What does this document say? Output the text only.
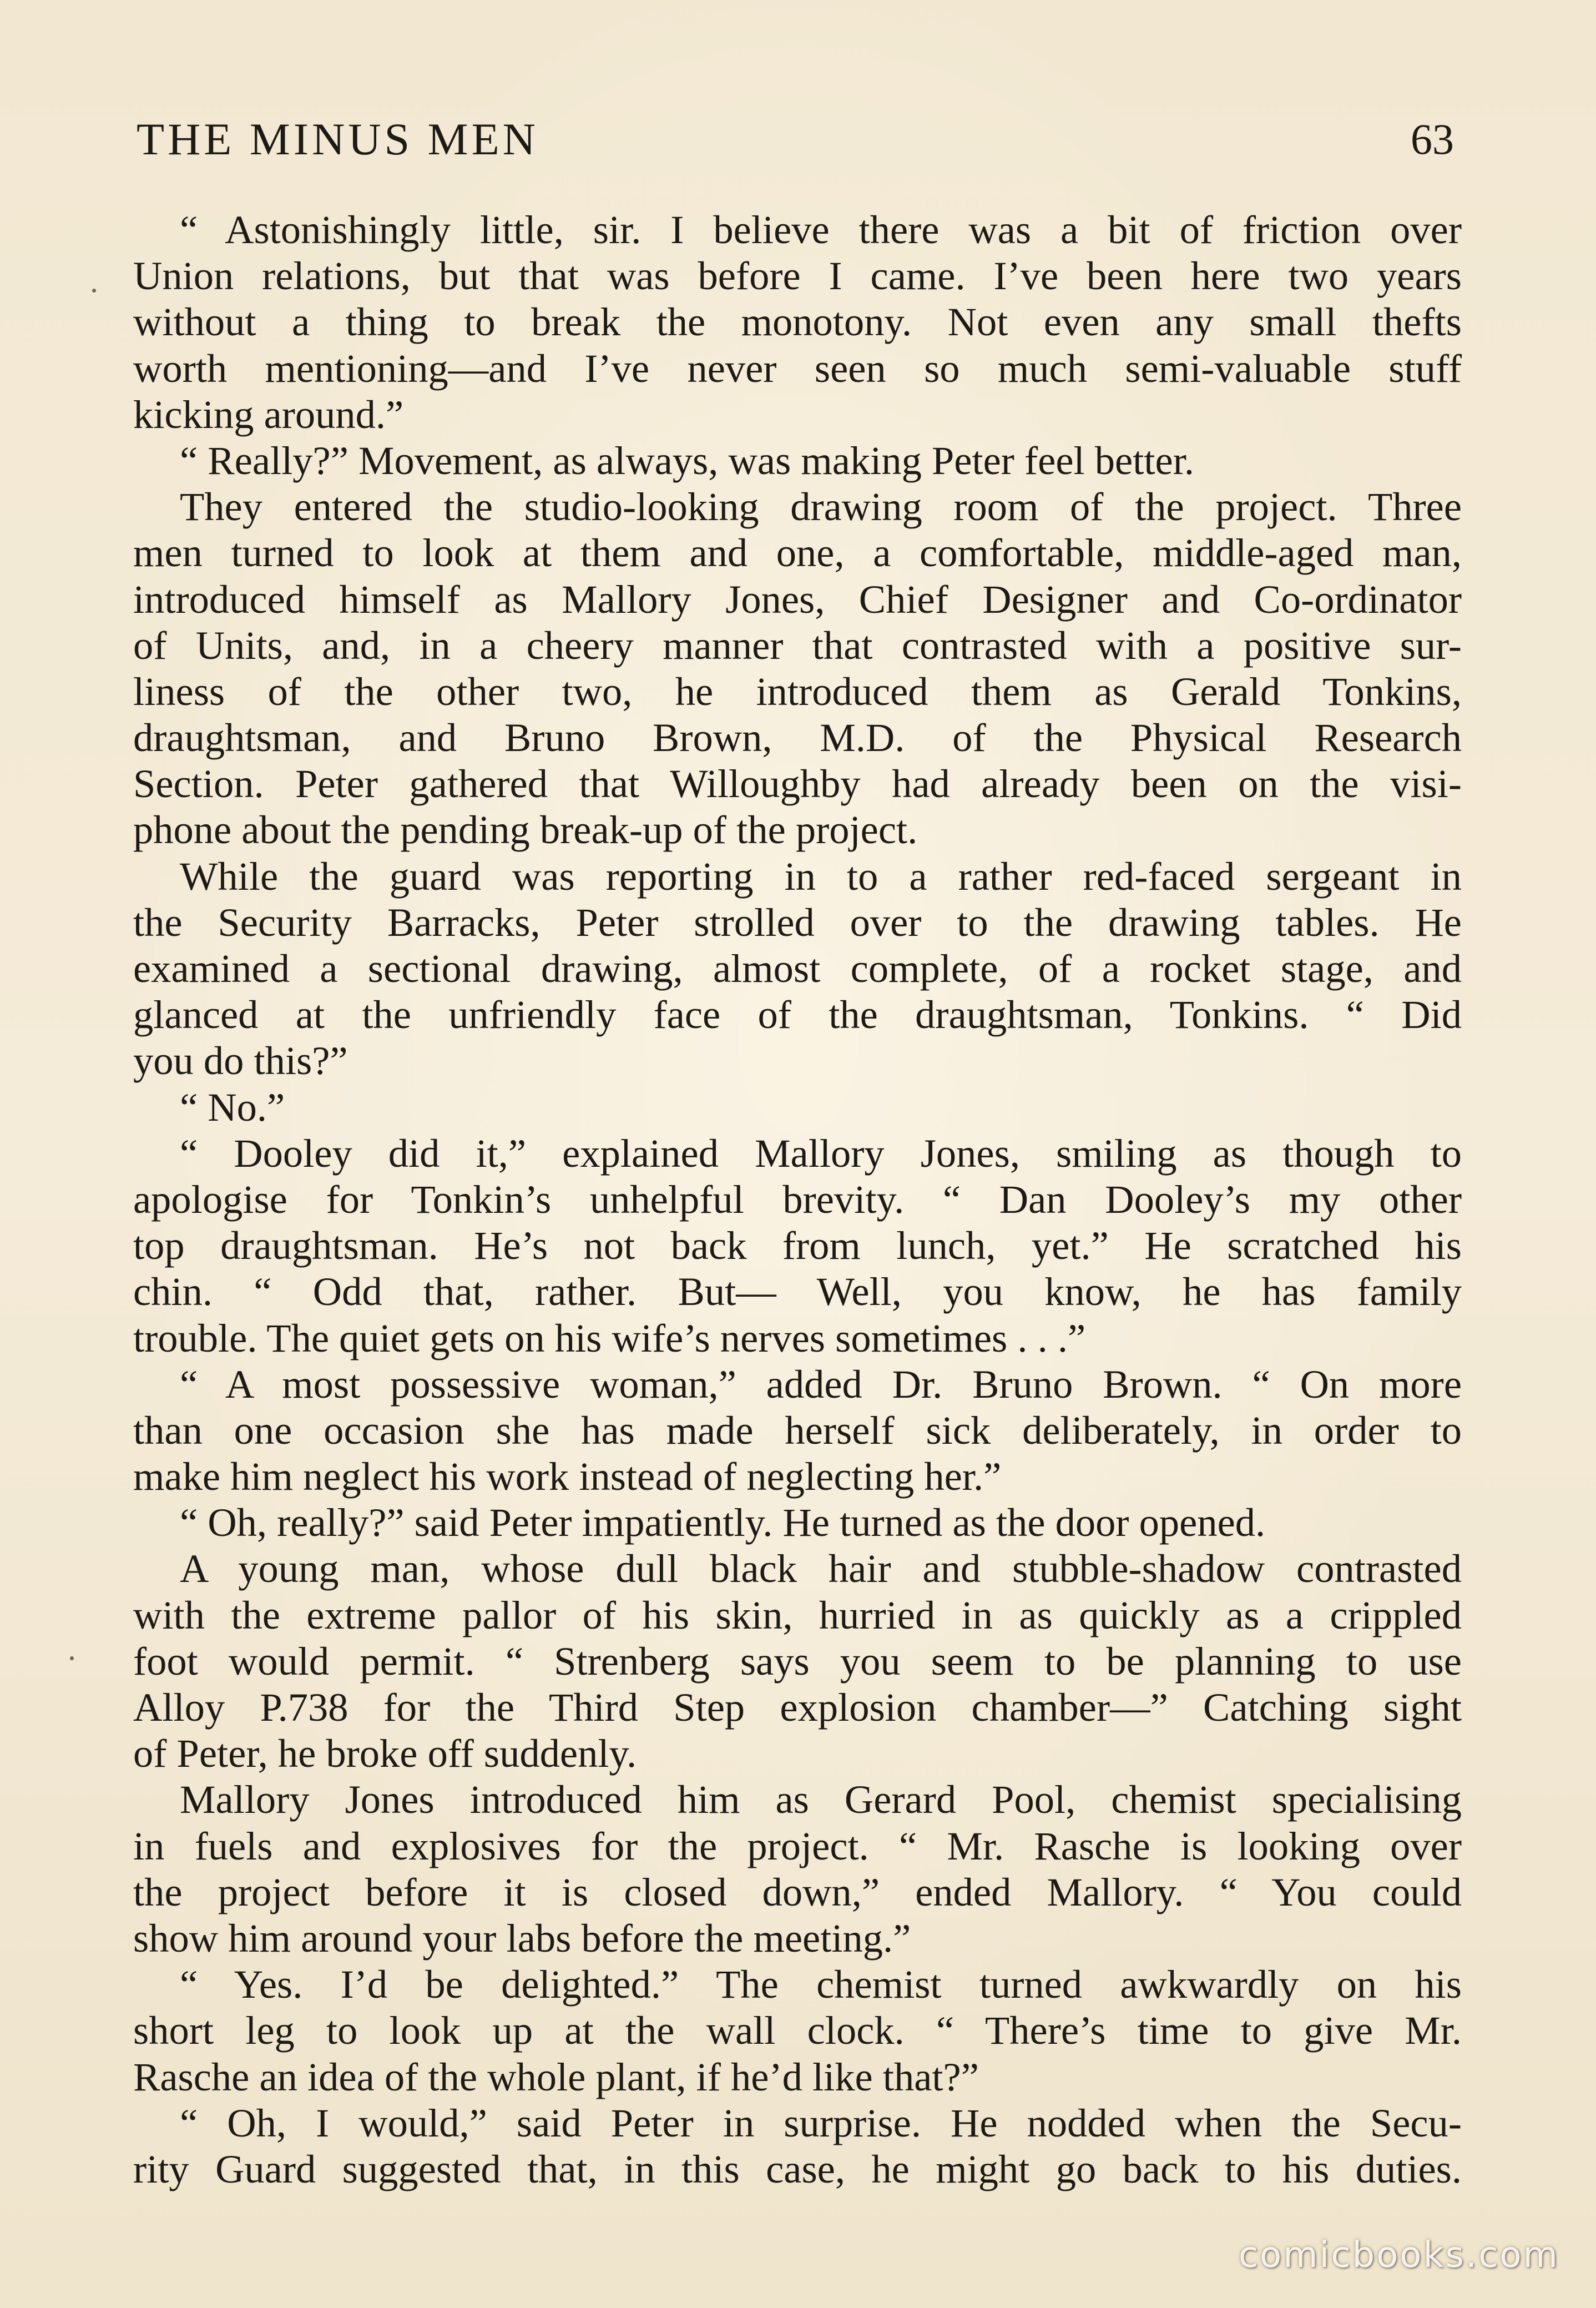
THE MINUS MEN	63
“ Astonishingly little, sir. I believe there was a bit of friction over
Union relations, but that was before I came. I’ve been here two years
without a thing to break the monotony. Not even any small thefts
worth mentioning—and I’ve never seen so much semi-valuable stuff
kicking around.”
“ Really?” Movement, as always, was making Peter feel better.
They entered the studio-looking drawing room of the project. Three
men turned to look at them and one, a comfortable, middle-aged man,
introduced himself as Mallory Jones, Chief Designer and Co-ordinator
of Units, and, in a cheery manner that contrasted with a positive sur-
liness of the other two, he introduced them as Gerald Tonkins,
draughtsman, and Bruno Brown, M.D. of the Physical Research
Section. Peter gathered that Willoughby had already been on the visi-
phone about the pending break-up of the project.
While the guard was reporting in to a rather red-faced sergeant in
the Security Barracks, Peter strolled over to the drawing tables. He
examined a sectional drawing, almost complete, of a rocket stage, and
glanced at the unfriendly face of the draughtsman, Tonkins. “ Did
you do this?”
“ No.”
“ Dooley did it,” explained Mallory Jones, smiling as though to
apologise for Tonkin’s unhelpful brevity. “ Dan Dooley’s my other
top draughtsman. He’s not back from lunch, yet.” He scratched his
chin. “ Odd that, rather. But— Well, you know, he has family
trouble. The quiet gets on his wife’s nerves sometimes . . .”
“ A most possessive woman,” added Dr. Bruno Brown. “ On more
than one occasion she has made herself sick deliberately, in order to
make him neglect his work instead of neglecting her.”
“ Oh, really?” said Peter impatiently. He turned as the door opened.
A young man, whose dull black hair and stubble-shadow contrasted
with the extreme pallor of his skin, hurried in as quickly as a crippled
foot would permit. “ Strenberg says you seem to be planning to use
Alloy P.738 for the Third Step explosion chamber—” Catching sight
of Peter, he broke off suddenly.
Mallory Jones introduced him as Gerard Pool, chemist specialising
in fuels and explosives for the project. “ Mr. Rasche is looking over
the project before it is closed down,” ended Mallory. “ You could
show him around your labs before the meeting.”
“ Yes. I’d be delighted.” The chemist turned awkwardly on his
short leg to look up at the wall clock. “ There’s time to give Mr.
Rasche an idea of the whole plant, if he’d like that?”
“ Oh, I would,” said Peter in surprise. He nodded when the Secu-
rity Guard suggested that, in this case, he might go back to his duties.
comicbooks.com
